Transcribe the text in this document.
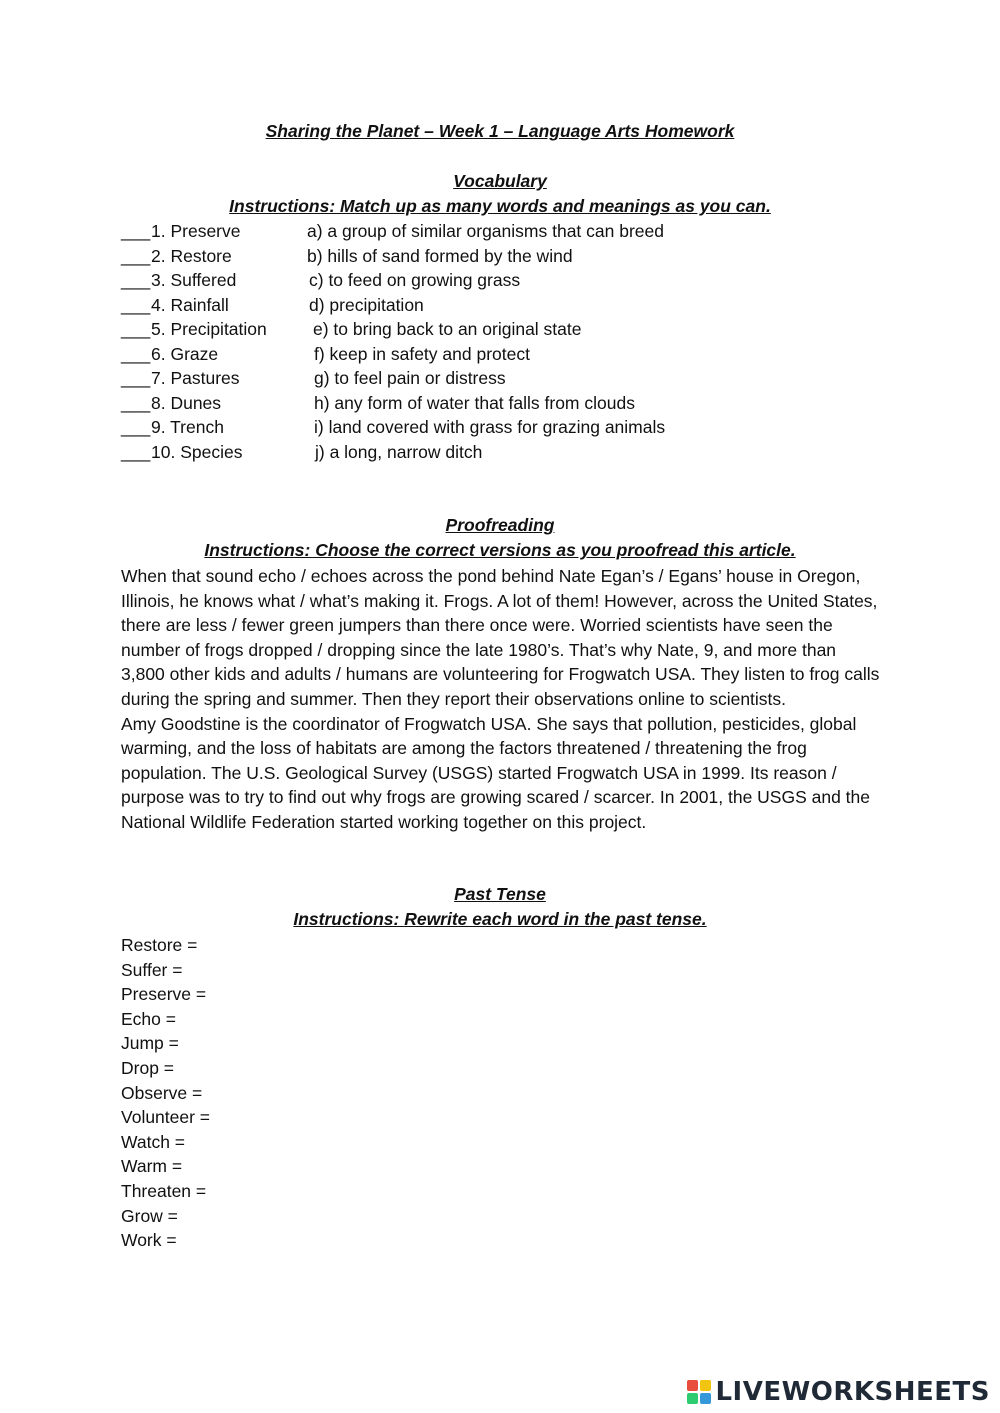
Sharing the Planet – Week 1 – Language Arts Homework
Vocabulary
Instructions: Match up as many words and meanings as you can.
___ 1. Preserve	a) a group of similar organisms that can breed
___ 2. Restore	b) hills of sand formed by the wind
___ 3. Suffered	c) to feed on growing grass
___ 4. Rainfall	d) precipitation
___ 5. Precipitation	e) to bring back to an original state
___ 6. Graze	f) keep in safety and protect
___ 7. Pastures	g) to feel pain or distress
___ 8. Dunes	h) any form of water that falls from clouds
___ 9. Trench	i) land covered with grass for grazing animals
___ 10. Species	j) a long, narrow ditch
Proofreading
Instructions: Choose the correct versions as you proofread this article.

When that sound echo / echoes across the pond behind Nate Egan’s / Egans’ house in Oregon, Illinois, he knows what / what’s making it. Frogs. A lot of them! However, across the United States, there are less / fewer green jumpers than there once were. Worried scientists have seen the number of frogs dropped / dropping since the late 1980’s. That’s why Nate, 9, and more than 3,800 other kids and adults / humans are volunteering for Frogwatch USA. They listen to frog calls during the spring and summer. Then they report their observations online to scientists.

Amy Goodstine is the coordinator of Frogwatch USA. She says that pollution, pesticides, global warming, and the loss of habitats are among the factors threatened / threatening the frog population. The U.S. Geological Survey (USGS) started Frogwatch USA in 1999. Its reason / purpose was to try to find out why frogs are growing scared / scarcer. In 2001, the USGS and the National Wildlife Federation started working together on this project.

Past Tense
Instructions: Rewrite each word in the past tense.
Restore =
Suffer =
Preserve =
Echo =
Jump =
Drop =
Observe =
Volunteer =
Watch =
Warm =
Threaten =
Grow =
Work =
LIVEWORKSHEETS
